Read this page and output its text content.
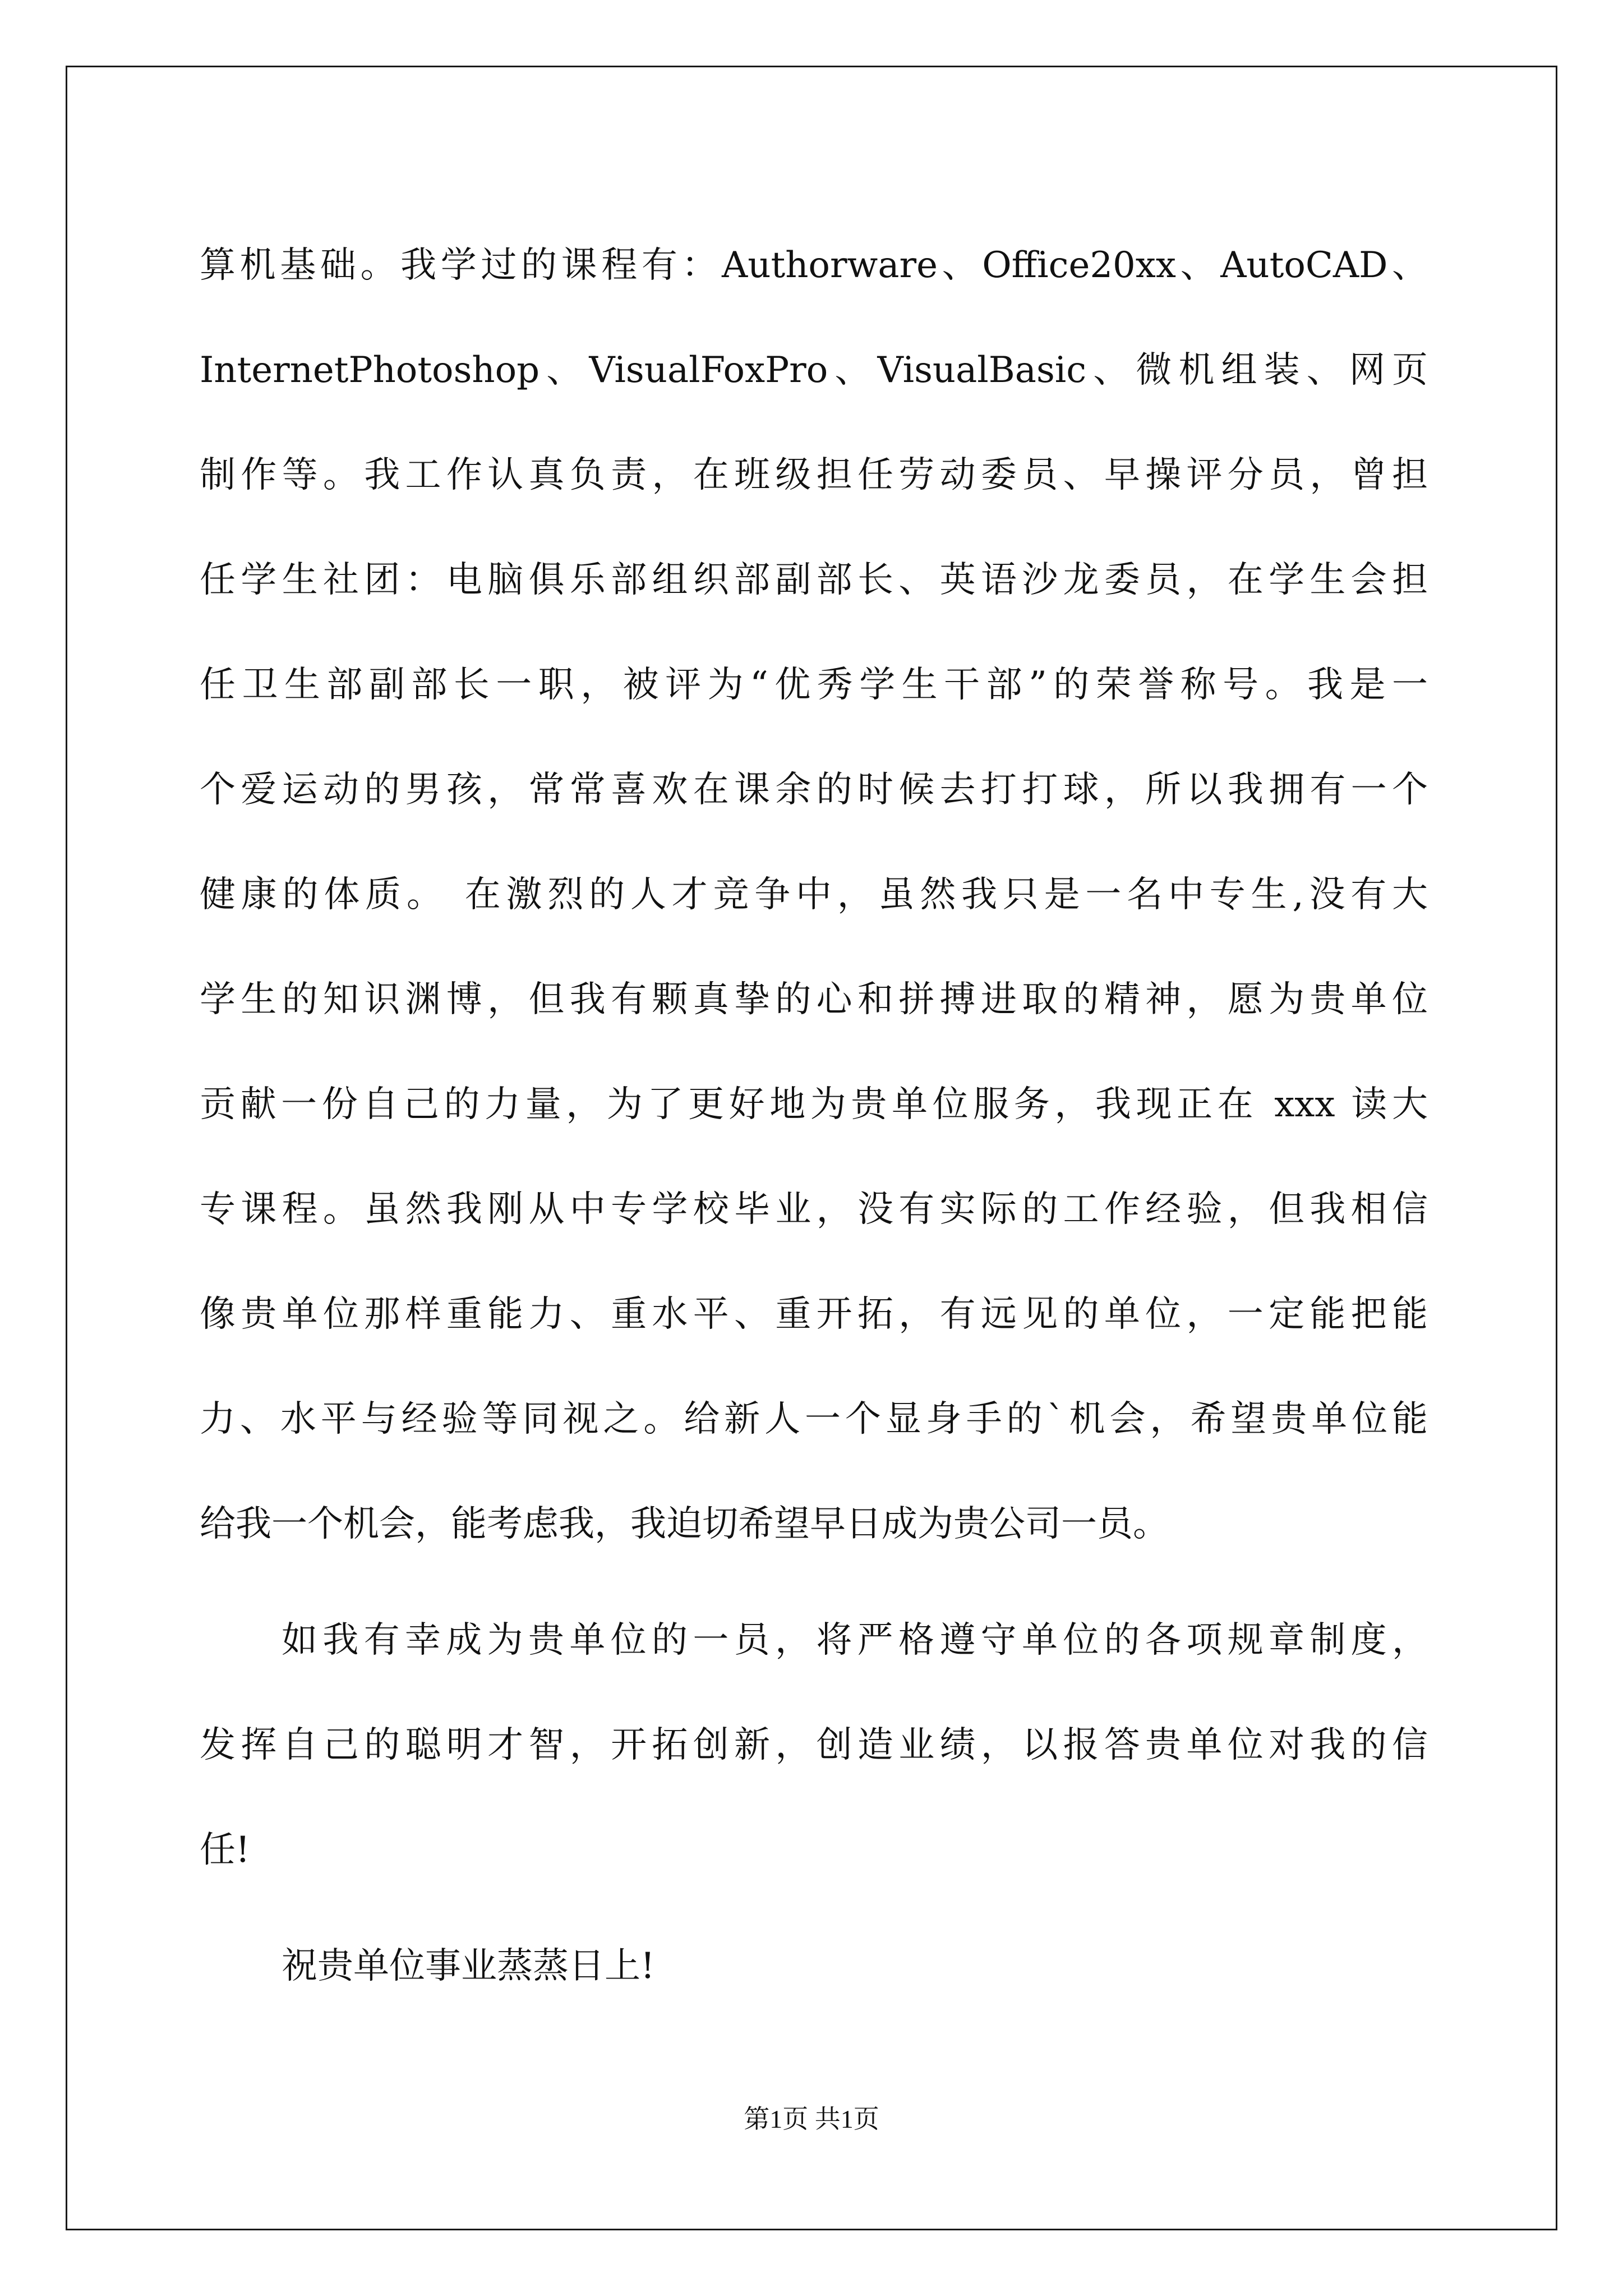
算机基础。我学过的课程有：Authorware、Office20xx、AutoCAD、
InternetPhotoshop、VisualFoxPro、VisualBasic、微机组装、网页
制作等。我工作认真负责，在班级担任劳动委员、早操评分员，曾担
任学生社团：电脑俱乐部组织部副部长、英语沙龙委员，在学生会担
任卫生部副部长一职，被评为“优秀学生干部”的荣誉称号。我是一
个爱运动的男孩，常常喜欢在课余的时候去打打球，所以我拥有一个
健康的体质。 在激烈的人才竞争中，虽然我只是一名中专生,没有大
学生的知识渊博，但我有颗真挚的心和拼搏进取的精神，愿为贵单位
贡献一份自己的力量，为了更好地为贵单位服务，我现正在 xxx 读大
专课程。虽然我刚从中专学校毕业，没有实际的工作经验，但我相信
像贵单位那样重能力、重水平、重开拓，有远见的单位，一定能把能
力、水平与经验等同视之。给新人一个显身手的`机会，希望贵单位能
给我一个机会，能考虑我，我迫切希望早日成为贵公司一员。
如我有幸成为贵单位的一员，将严格遵守单位的各项规章制度，
发挥自己的聪明才智，开拓创新，创造业绩，以报答贵单位对我的信
任!
祝贵单位事业蒸蒸日上!
第1页 共1页
